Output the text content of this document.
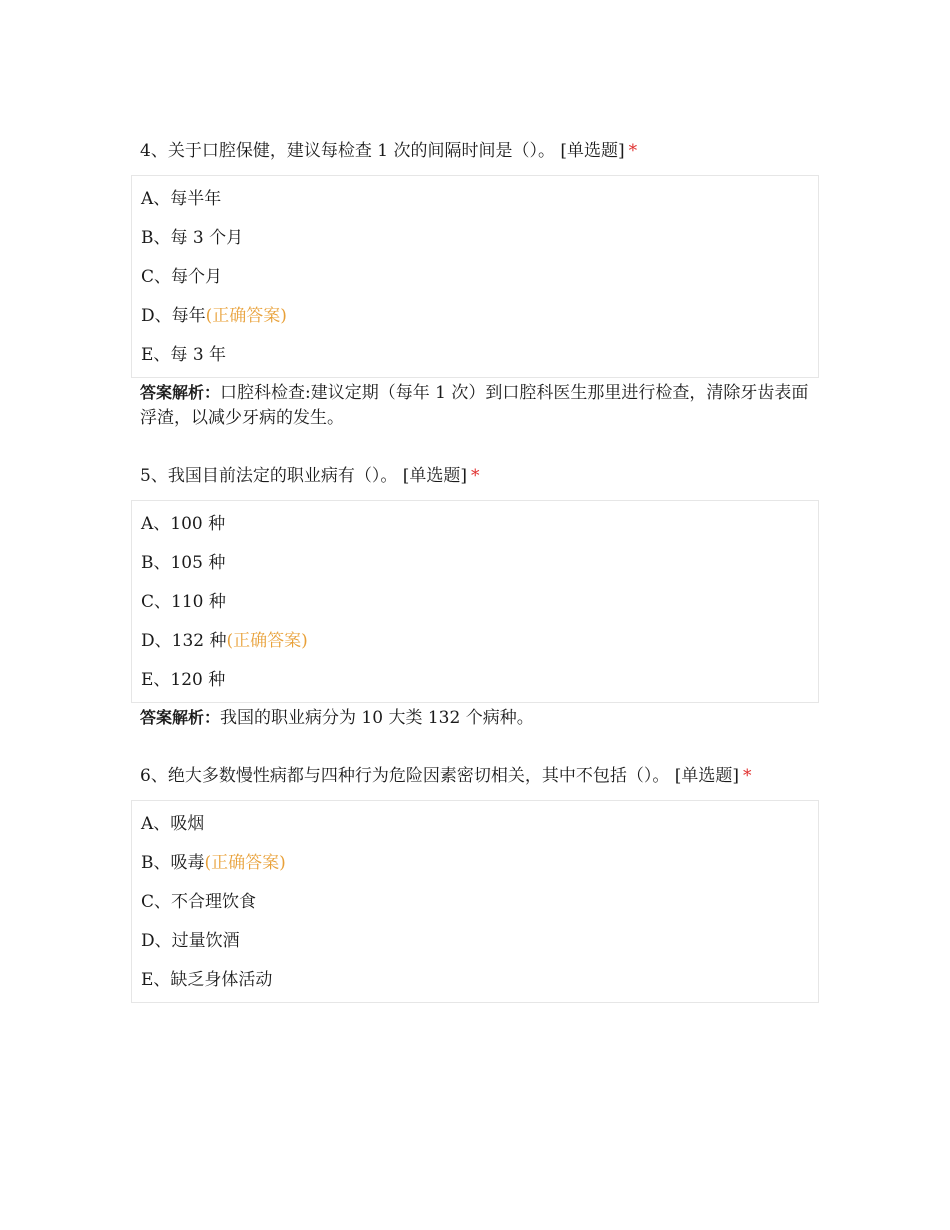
4、关于口腔保健，建议每检查 1 次的间隔时间是（）。 [单选题] *
A、每半年
B、每 3 个月
C、每个月
D、每年(正确答案)
E、每 3 年
答案解析：口腔科检查:建议定期（每年 1 次）到口腔科医生那里进行检查，清除牙齿表面浮渣，以减少牙病的发生。
5、我国目前法定的职业病有（）。 [单选题] *
A、100 种
B、105 种
C、110 种
D、132 种(正确答案)
E、120 种
答案解析：我国的职业病分为 10 大类 132 个病种。
6、绝大多数慢性病都与四种行为危险因素密切相关，其中不包括（）。 [单选题] *
A、吸烟
B、吸毒(正确答案)
C、不合理饮食
D、过量饮酒
E、缺乏身体活动
